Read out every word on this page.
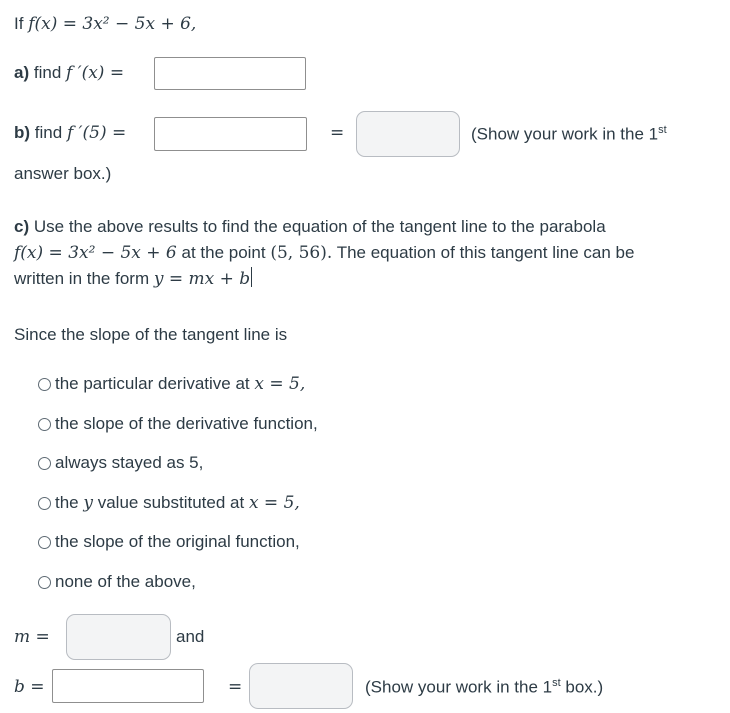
If f(x) = 3x² − 5x + 6,
a) find f ′(x) =
b) find f ′(5) =	=	(Show your work in the 1st
answer box.)
c) Use the above results to find the equation of the tangent line to the parabola
f(x) = 3x² − 5x + 6 at the point (5, 56). The equation of this tangent line can be
written in the form y = mx + b
Since the slope of the tangent line is
the particular derivative at
x = 5,
the slope of the derivative function,
always stayed as 5,
the
y
value substituted at
x = 5,
the slope of the original function,
none of the above,
m =	and
b =	=	(Show your work in the 1st box.)
